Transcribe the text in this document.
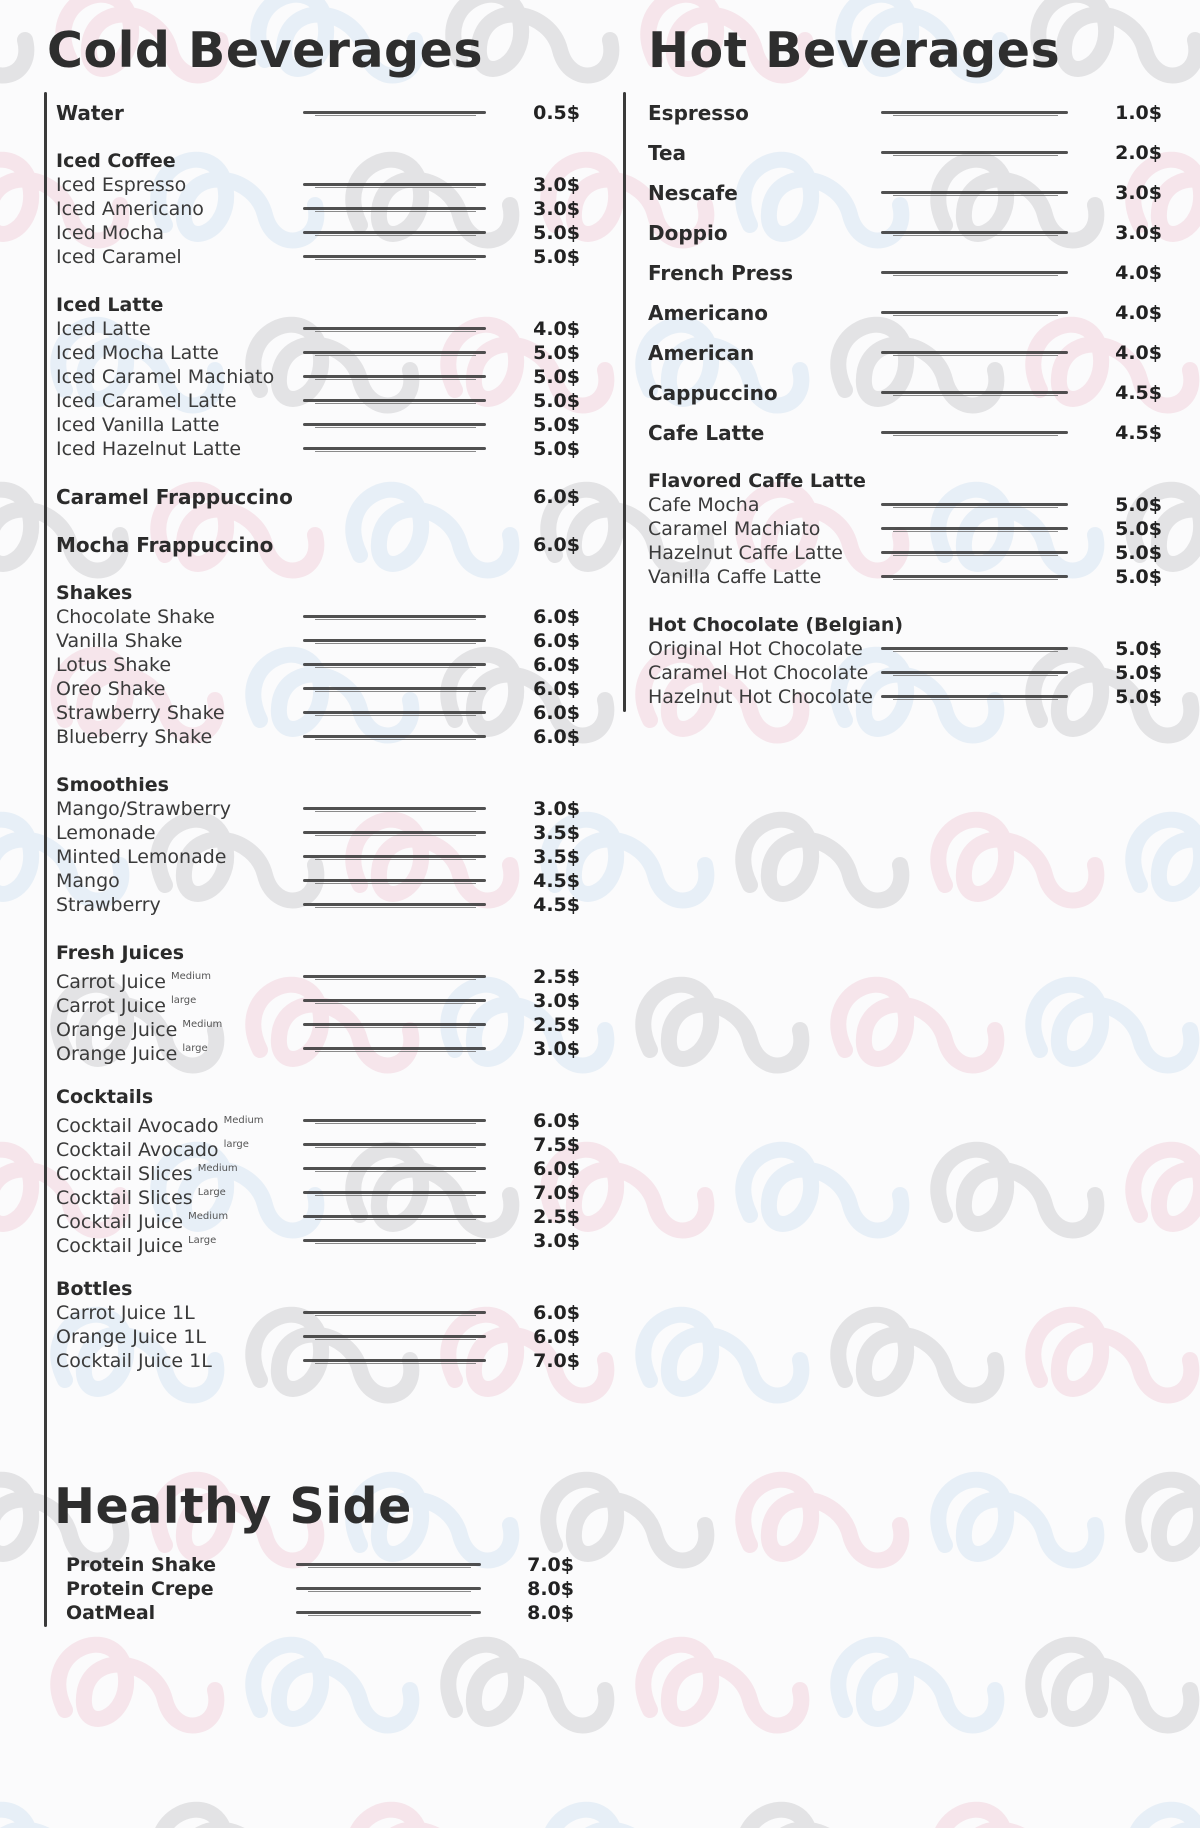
Cold Beverages	Hot Beverages
Healthy Side
Water	0.5$
Iced Coffee
Iced Espresso	3.0$
Iced Americano	3.0$
Iced Mocha	5.0$
Iced Caramel	5.0$
Iced Latte
Iced Latte	4.0$
Iced Mocha Latte	5.0$
Iced Caramel Machiato	5.0$
Iced Caramel Latte	5.0$
Iced Vanilla Latte	5.0$
Iced Hazelnut Latte	5.0$
Caramel Frappuccino	6.0$
Mocha Frappuccino	6.0$
Shakes
Chocolate Shake	6.0$
Vanilla Shake	6.0$
Lotus Shake	6.0$
Oreo Shake	6.0$
Strawberry Shake	6.0$
Blueberry Shake	6.0$
Smoothies
Mango/Strawberry	3.0$
Lemonade	3.5$
Minted Lemonade	3.5$
Mango	4.5$
Strawberry	4.5$
Fresh Juices
Carrot Juice $^{Medium}$	2.5$
Carrot Juice $^{large}$	3.0$
Orange Juice $^{Medium}$	2.5$
Orange Juice $^{large}$	3.0$
Cocktails
Cocktail Avocado $^{Medium}$	6.0$
Cocktail Avocado $^{large}$	7.5$
Cocktail Slices $^{Medium}$	6.0$
Cocktail Slices $^{Large}$	7.0$
Cocktail Juice $^{Medium}$	2.5$
Cocktail Juice $^{Large}$	3.0$
Bottles
Carrot Juice 1L	6.0$
Orange Juice 1L	6.0$
Cocktail Juice 1L	7.0$
Espresso	1.0$
Tea	2.0$
Nescafe	3.0$
Doppio	3.0$
French Press	4.0$
Americano	4.0$
American	4.0$
Cappuccino	4.5$
Cafe Latte	4.5$
Flavored Caffe Latte
Cafe Mocha	5.0$
Caramel Machiato	5.0$
Hazelnut Caffe Latte	5.0$
Vanilla Caffe Latte	5.0$
Hot Chocolate (Belgian)
Original Hot Chocolate	5.0$
Caramel Hot Chocolate	5.0$
Hazelnut Hot Chocolate	5.0$
Protein Shake	7.0$
Protein Crepe	8.0$
OatMeal	8.0$
